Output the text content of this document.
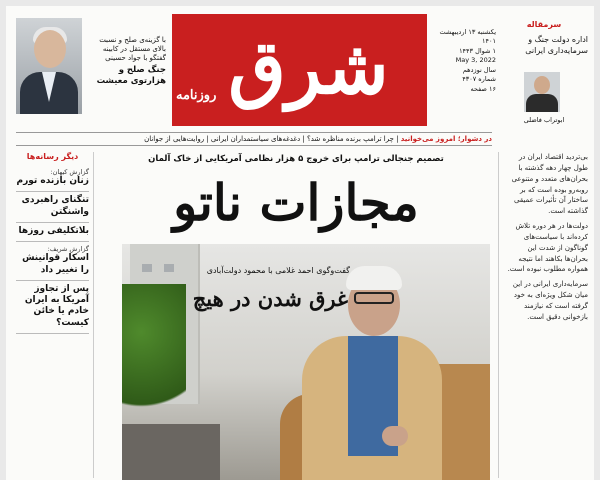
با گزینه‌ی صلح و نسبت بالای مستقل در کابینه
گفتگو با جواد حسینی
جنگ صلح و هزارتوی معیشت شرق
روزنامه
یکشنبه ۱۳ اردیبهشت ۱۴۰۱
۱ شوال ۱۴۴۳
May 3, 2022
سال نوزدهم
شماره ۴۳۰۷
۱۶ صفحه
سرمقاله
اداره دولت جنگ و سرمایه‌داری ایرانی
ابوتراب فاضلی
در دشوار؛ امروز می‌خوانید | چرا ترامپ برنده مناظره شد؟ | دغدغه‌های سیاستمداران ایرانی | روایت‌هایی از جوانان
دیگر رسانه‌ها
گزارش کیهان:
زنان بازنده تورم
تنگنای راهبردی واشنگتن
بلاتکلیفی روزها
گزارش شریف:
اسکار قوانینش را تغییر داد
پس از تجاوز آمریکا به ایران خادم یا خائن کیست؟
تصمیم جنجالی ترامپ برای خروج ۵ هزار نظامی آمریکایی از خاک آلمان
مجازات ناتو
گفت‌وگوی احمد غلامی با محمود دولت‌آبادی
غرق شدن در هیچ

بی‌تردید اقتصاد ایران در طول چهار دهه گذشته با بحران‌های متعدد و متنوعی روبه‌رو بوده است که بر ساختار آن تأثیرات عمیقی گذاشته است.

دولت‌ها در هر دوره تلاش کرده‌اند با سیاست‌های گوناگون از شدت این بحران‌ها بکاهند اما نتیجه همواره مطلوب نبوده است.

سرمایه‌داری ایرانی در این میان شکل ویژه‌ای به خود گرفته است که نیازمند بازخوانی دقیق است.
